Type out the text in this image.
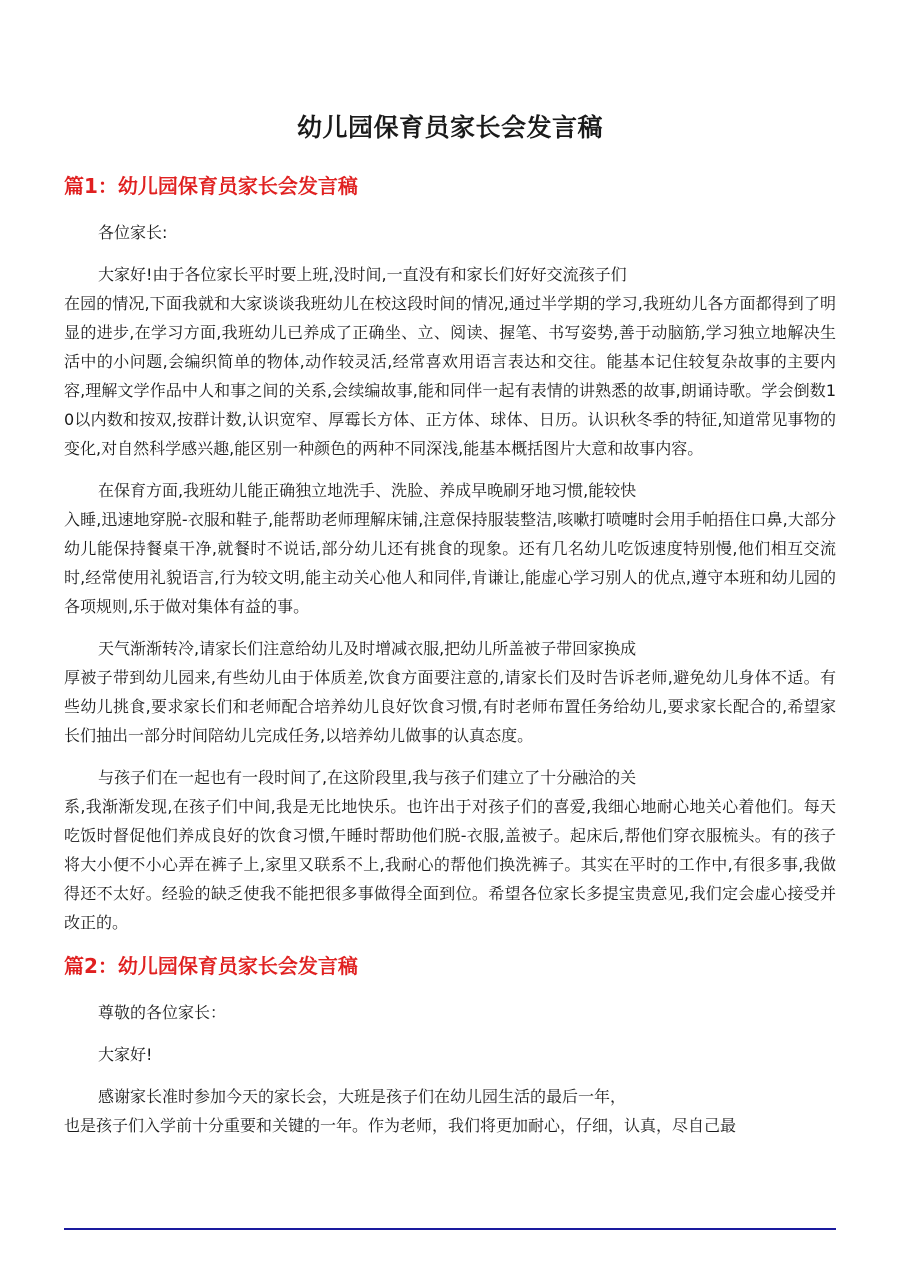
幼儿园保育员家长会发言稿
篇1：幼儿园保育员家长会发言稿

各位家长:

大家好!由于各位家长平时要上班,没时间,一直没有和家长们好好交流孩子们
在园的情况,下面我就和大家谈谈我班幼儿在校这段时间的情况,通过半学期的学习,我班幼儿各方面都得到了明显的进步,在学习方面,我班幼儿已养成了正确坐、立、阅读、握笔、书写姿势,善于动脑筋,学习独立地解决生活中的小问题,会编织简单的物体,动作较灵活,经常喜欢用语言表达和交往。能基本记住较复杂故事的主要内容,理解文学作品中人和事之间的关系,会续编故事,能和同伴一起有表情的讲熟悉的故事,朗诵诗歌。学会倒数10以内数和按双,按群计数,认识宽窄、厚霉长方体、正方体、球体、日历。认识秋冬季的特征,知道常见事物的变化,对自然科学感兴趣,能区别一种颜色的两种不同深浅,能基本概括图片大意和故事内容。

在保育方面,我班幼儿能正确独立地洗手、洗脸、养成早晚刷牙地习惯,能较快
入睡,迅速地穿脱-衣服和鞋子,能帮助老师理解床铺,注意保持服装整洁,咳嗽打喷嚏时会用手帕捂住口鼻,大部分幼儿能保持餐桌干净,就餐时不说话,部分幼儿还有挑食的现象。还有几名幼儿吃饭速度特别慢,他们相互交流时,经常使用礼貌语言,行为较文明,能主动关心他人和同伴,肯谦让,能虚心学习别人的优点,遵守本班和幼儿园的各项规则,乐于做对集体有益的事。

天气渐渐转冷,请家长们注意给幼儿及时增减衣服,把幼儿所盖被子带回家换成
厚被子带到幼儿园来,有些幼儿由于体质差,饮食方面要注意的,请家长们及时告诉老师,避免幼儿身体不适。有些幼儿挑食,要求家长们和老师配合培养幼儿良好饮食习惯,有时老师布置任务给幼儿,要求家长配合的,希望家长们抽出一部分时间陪幼儿完成任务,以培养幼儿做事的认真态度。

与孩子们在一起也有一段时间了,在这阶段里,我与孩子们建立了十分融洽的关
系,我渐渐发现,在孩子们中间,我是无比地快乐。也许出于对孩子们的喜爱,我细心地耐心地关心着他们。每天吃饭时督促他们养成良好的饮食习惯,午睡时帮助他们脱-衣服,盖被子。起床后,帮他们穿衣服梳头。有的孩子将大小便不小心弄在裤子上,家里又联系不上,我耐心的帮他们换洗裤子。其实在平时的工作中,有很多事,我做得还不太好。经验的缺乏使我不能把很多事做得全面到位。希望各位家长多提宝贵意见,我们定会虚心接受并改正的。

篇2：幼儿园保育员家长会发言稿

尊敬的各位家长：

大家好!

感谢家长准时参加今天的家长会，大班是孩子们在幼儿园生活的最后一年，
也是孩子们入学前十分重要和关键的一年。作为老师，我们将更加耐心，仔细，认真，尽自己最
